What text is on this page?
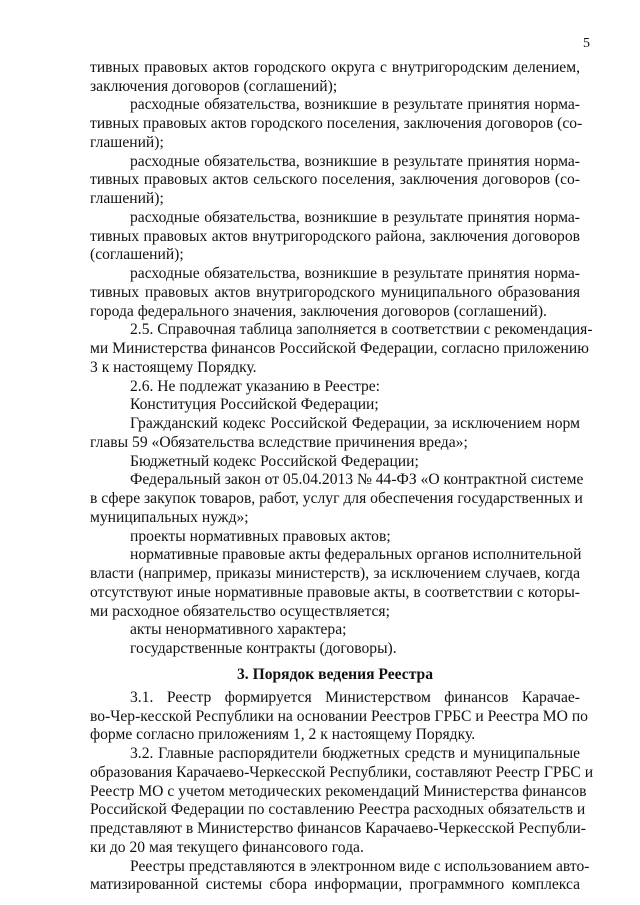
5
тивных правовых актов городского округа с внутригородским делением,
заключения договоров (соглашений);
расходные обязательства, возникшие в результате принятия норма-
тивных правовых актов городского поселения, заключения договоров (со-
глашений);
расходные обязательства, возникшие в результате принятия норма-
тивных правовых актов сельского поселения, заключения договоров (со-
глашений);
расходные обязательства, возникшие в результате принятия норма-
тивных правовых актов внутригородского района, заключения договоров
(соглашений);
расходные обязательства, возникшие в результате принятия норма-
тивных правовых актов внутригородского муниципального образования
города федерального значения, заключения договоров (соглашений).
2.5. Справочная таблица заполняется в соответствии с рекомендация-
ми Министерства финансов Российской Федерации, согласно приложению
3 к настоящему Порядку.
2.6. Не подлежат указанию в Реестре:
Конституция Российской Федерации;
Гражданский кодекс Российской Федерации, за исключением норм
главы 59 «Обязательства вследствие причинения вреда»;
Бюджетный кодекс Российской Федерации;
Федеральный закон от 05.04.2013 № 44-ФЗ «О контрактной системе
в сфере закупок товаров, работ, услуг для обеспечения государственных и
муниципальных нужд»;
проекты нормативных правовых актов;
нормативные правовые акты федеральных органов исполнительной
власти (например, приказы министерств), за исключением случаев, когда
отсутствуют иные нормативные правовые акты, в соответствии с которы-
ми расходное обязательство осуществляется;
акты ненормативного характера;
государственные контракты (договоры).
3. Порядок ведения Реестра
3.1. Реестр формируется Министерством финансов Карачае-
во-Чер-кесской Республики на основании Реестров ГРБС и Реестра МО по
форме согласно приложениям 1, 2 к настоящему Порядку.
3.2. Главные распорядители бюджетных средств и муниципальные
образования Карачаево-Черкесской Республики, составляют Реестр ГРБС и
Реестр МО с учетом методических рекомендаций Министерства финансов
Российской Федерации по составлению Реестра расходных обязательств и
представляют в Министерство финансов Карачаево-Черкесской Республи-
ки до 20 мая текущего финансового года.
Реестры представляются в электронном виде с использованием авто-
матизированной системы сбора информации, программного комплекса
